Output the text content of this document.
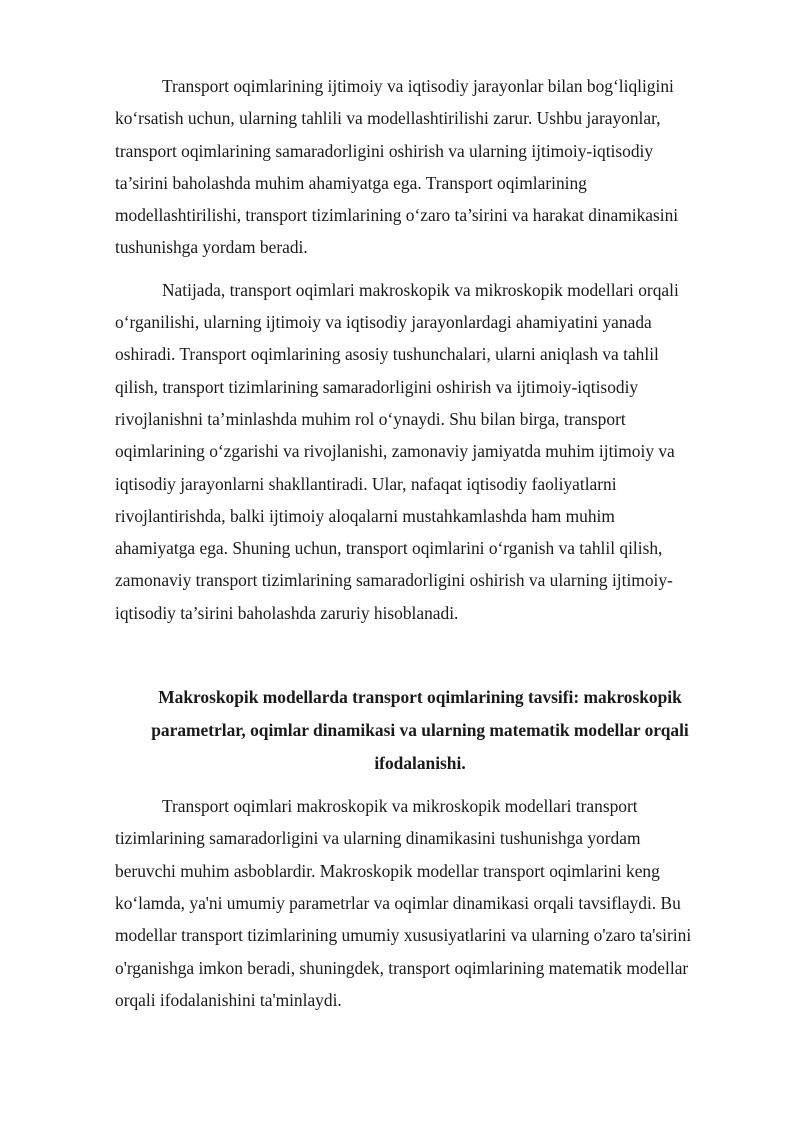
Transport oqimlarining ijtimoiy va iqtisodiy jarayonlar bilan bog‘liqligini
ko‘rsatish uchun, ularning tahlili va modellashtirilishi zarur. Ushbu jarayonlar,
transport oqimlarining samaradorligini oshirish va ularning ijtimoiy-iqtisodiy
ta’sirini baholashda muhim ahamiyatga ega. Transport oqimlarining
modellashtirilishi, transport tizimlarining o‘zaro ta’sirini va harakat dinamikasini
tushunishga yordam beradi.

Natijada, transport oqimlari makroskopik va mikroskopik modellari orqali
o‘rganilishi, ularning ijtimoiy va iqtisodiy jarayonlardagi ahamiyatini yanada
oshiradi. Transport oqimlarining asosiy tushunchalari, ularni aniqlash va tahlil
qilish, transport tizimlarining samaradorligini oshirish va ijtimoiy-iqtisodiy
rivojlanishni ta’minlashda muhim rol o‘ynaydi. Shu bilan birga, transport
oqimlarining o‘zgarishi va rivojlanishi, zamonaviy jamiyatda muhim ijtimoiy va
iqtisodiy jarayonlarni shakllantiradi. Ular, nafaqat iqtisodiy faoliyatlarni
rivojlantirishda, balki ijtimoiy aloqalarni mustahkamlashda ham muhim
ahamiyatga ega. Shuning uchun, transport oqimlarini o‘rganish va tahlil qilish,
zamonaviy transport tizimlarining samaradorligini oshirish va ularning ijtimoiy-
iqtisodiy ta’sirini baholashda zaruriy hisoblanadi.

Makroskopik modellarda transport oqimlarining tavsifi: makroskopik
parametrlar, oqimlar dinamikasi va ularning matematik modellar orqali
ifodalanishi.

Transport oqimlari makroskopik va mikroskopik modellari transport
tizimlarining samaradorligini va ularning dinamikasini tushunishga yordam
beruvchi muhim asboblardir. Makroskopik modellar transport oqimlarini keng
ko‘lamda, ya'ni umumiy parametrlar va oqimlar dinamikasi orqali tavsiflaydi. Bu
modellar transport tizimlarining umumiy xususiyatlarini va ularning o'zaro ta'sirini
o'rganishga imkon beradi, shuningdek, transport oqimlarining matematik modellar
orqali ifodalanishini ta'minlaydi.
